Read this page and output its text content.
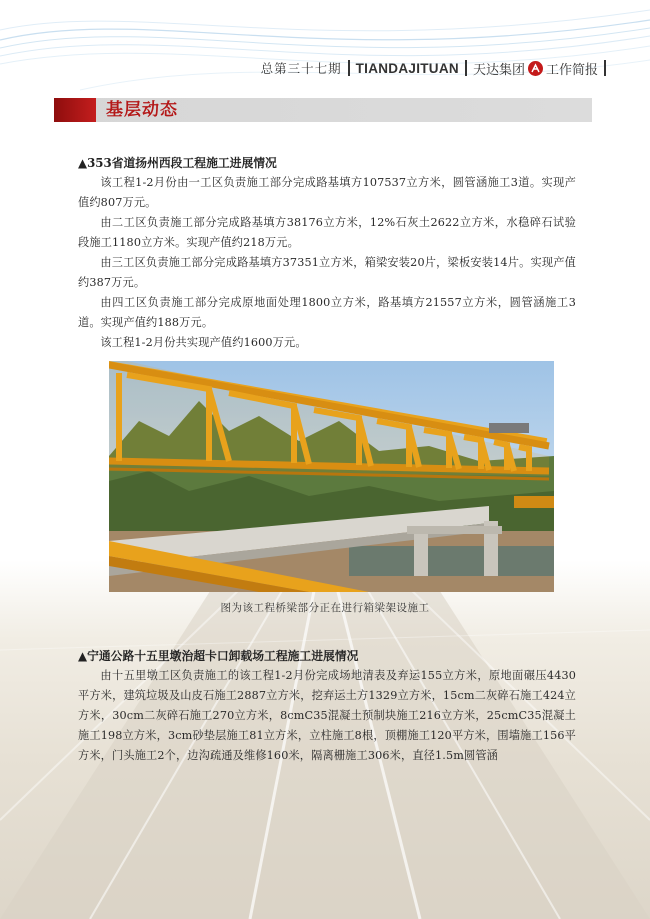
总第三十七期 TIANDAJITUAN 天达集团 工作简报
基层动态
▲353省道扬州西段工程施工进展情况

该工程1-2月份由一工区负责施工部分完成路基填方107537立方米，圆管涵施工3道。实现产值约807万元。

由二工区负责施工部分完成路基填方38176立方米，12%石灰土2622立方米，水稳碎石试验段施工1180立方米。实现产值约218万元。

由三工区负责施工部分完成路基填方37351立方米，箱梁安装20片，梁板安装14片。实现产值约387万元。

由四工区负责施工部分完成原地面处理1800立方米，路基填方21557立方米，圆管涵施工3道。实现产值约188万元。

该工程1-2月份共实现产值约1600万元。

图为该工程桥梁部分正在进行箱梁架设施工
▲宁通公路十五里墩治超卡口卸载场工程施工进展情况

由十五里墩工区负责施工的该工程1-2月份完成场地清表及弃运155立方米，原地面碾压4430平方米，建筑垃圾及山皮石施工2887立方米，挖弃运土方1329立方米，15cm二灰碎石施工424立方米，30cm二灰碎石施工270立方米，8cmC35混凝土预制块施工216立方米，25cmC35混凝土施工198立方米，3cm砂垫层施工81立方米，立柱施工8根，顶棚施工120平方米，围墙施工156平方米，门头施工2个，边沟疏通及维修160米，隔离栅施工306米，直径1.5m圆管涵
